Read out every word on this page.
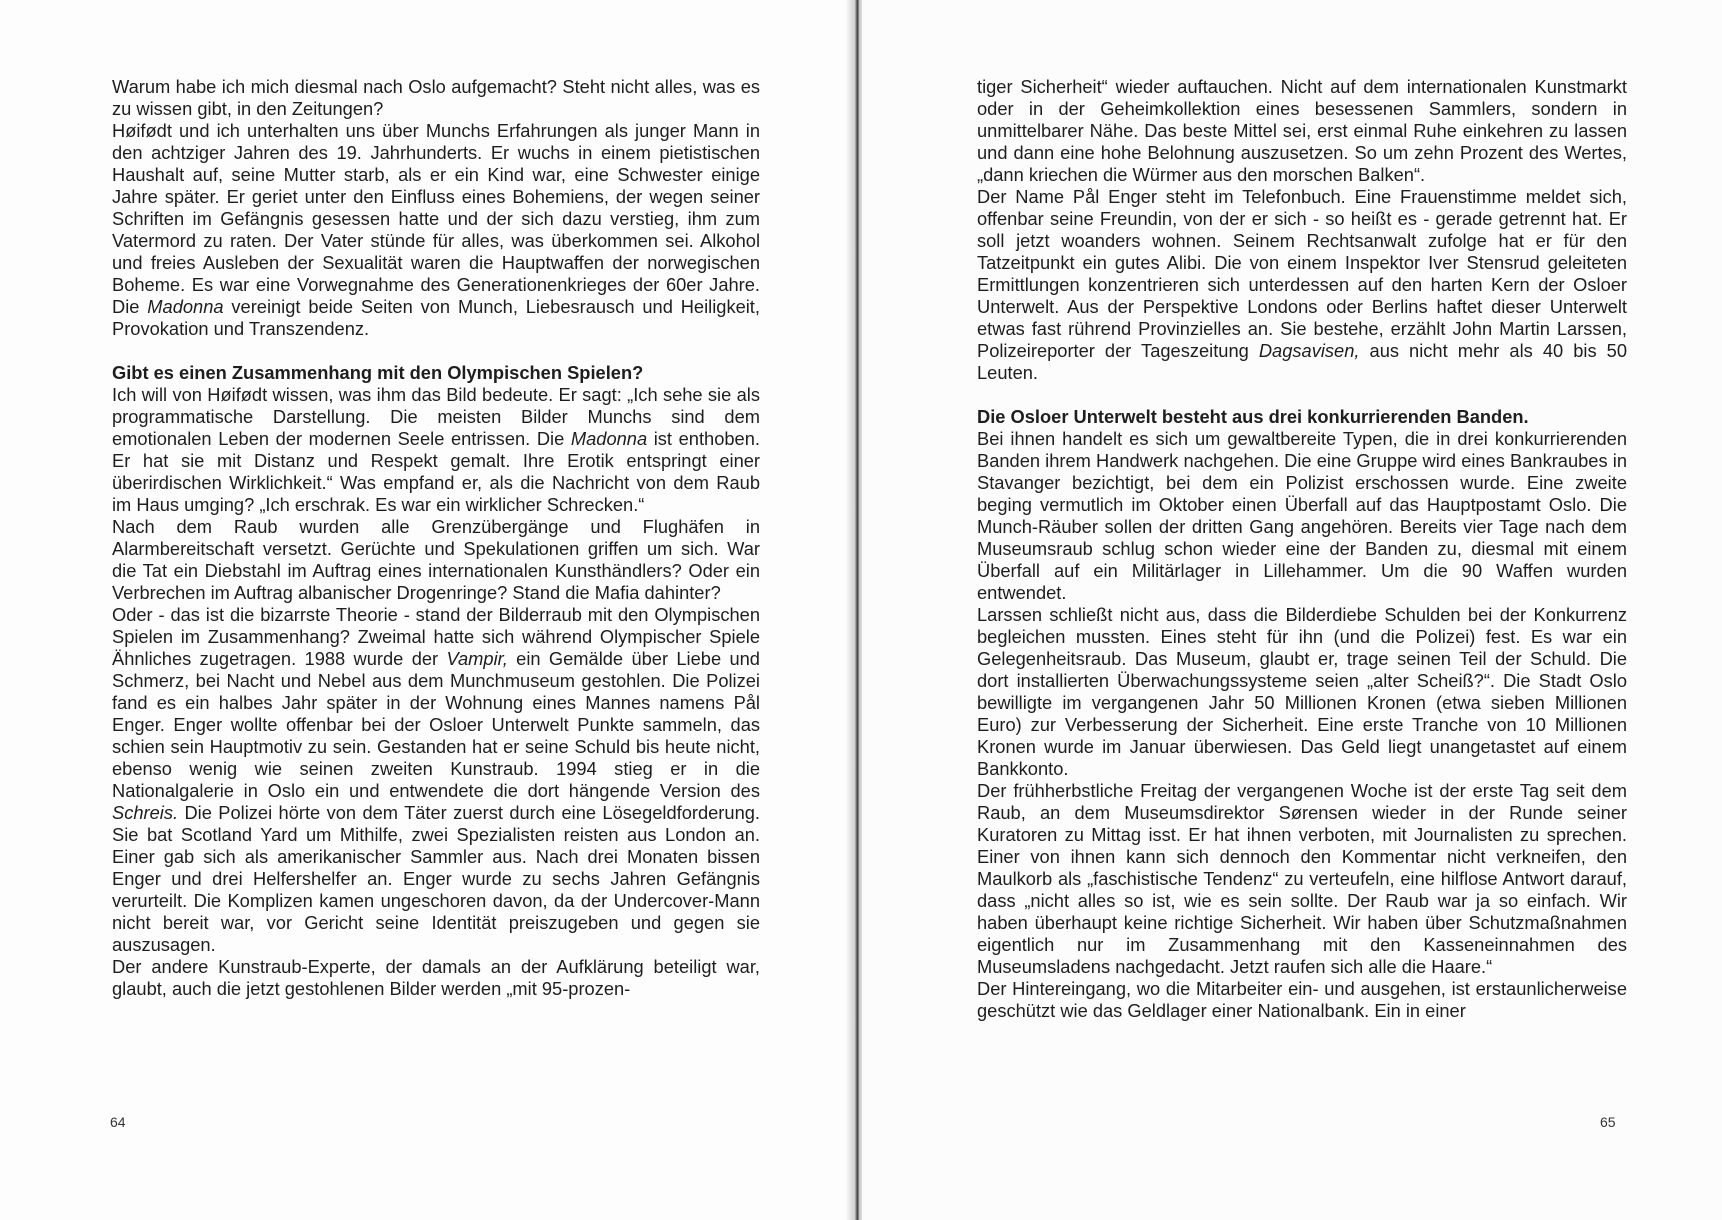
Warum habe ich mich diesmal nach Oslo aufgemacht? Steht nicht alles, was es zu wissen gibt, in den Zeitungen?

Høifødt und ich unterhalten uns über Munchs Erfahrungen als junger Mann in den achtziger Jahren des 19. Jahrhunderts. Er wuchs in einem pietistischen Haushalt auf, seine Mutter starb, als er ein Kind war, eine Schwester einige Jahre später. Er geriet unter den Einfluss eines Bohemiens, der wegen seiner Schriften im Gefängnis gesessen hatte und der sich dazu verstieg, ihm zum Vatermord zu raten. Der Vater stünde für alles, was überkommen sei. Alkohol und freies Ausleben der Sexualität waren die Hauptwaffen der norwegischen Boheme. Es war eine Vorwegnahme des Generationenkrieges der 60er Jahre. Die Madonna vereinigt beide Seiten von Munch, Liebesrausch und Heiligkeit, Provokation und Transzendenz.

Gibt es einen Zusammenhang mit den Olympischen Spielen?

Ich will von Høifødt wissen, was ihm das Bild bedeute. Er sagt: „Ich sehe sie als programmatische Darstellung. Die meisten Bilder Munchs sind dem emotionalen Leben der modernen Seele entrissen. Die Madonna ist enthoben. Er hat sie mit Distanz und Respekt gemalt. Ihre Erotik entspringt einer überirdischen Wirklichkeit.“ Was empfand er, als die Nachricht von dem Raub im Haus umging? „Ich erschrak. Es war ein wirklicher Schrecken.“

Nach dem Raub wurden alle Grenzübergänge und Flughäfen in Alarmbereitschaft versetzt. Gerüchte und Spekulationen griffen um sich. War die Tat ein Diebstahl im Auftrag eines internationalen Kunsthändlers? Oder ein Verbrechen im Auftrag albanischer Drogenringe? Stand die Mafia dahinter?

Oder - das ist die bizarrste Theorie - stand der Bilderraub mit den Olympischen Spielen im Zusammenhang? Zweimal hatte sich während Olympischer Spiele Ähnliches zugetragen. 1988 wurde der Vampir, ein Gemälde über Liebe und Schmerz, bei Nacht und Nebel aus dem Munchmuseum gestohlen. Die Polizei fand es ein halbes Jahr später in der Wohnung eines Mannes namens Pål Enger. Enger wollte offenbar bei der Osloer Unterwelt Punkte sammeln, das schien sein Hauptmotiv zu sein. Gestanden hat er seine Schuld bis heute nicht, ebenso wenig wie seinen zweiten Kunstraub. 1994 stieg er in die Nationalgalerie in Oslo ein und entwendete die dort hängende Version des Schreis. Die Polizei hörte von dem Täter zuerst durch eine Lösegeldforderung. Sie bat Scotland Yard um Mithilfe, zwei Spezialisten reisten aus London an. Einer gab sich als amerikanischer Sammler aus. Nach drei Monaten bissen Enger und drei Helfershelfer an. Enger wurde zu sechs Jahren Gefängnis verurteilt. Die Komplizen kamen ungeschoren davon, da der Undercover-Mann nicht bereit war, vor Gericht seine Identität preiszugeben und gegen sie auszusagen.

Der andere Kunstraub-Experte, der damals an der Aufklärung beteiligt war, glaubt, auch die jetzt gestohlenen Bilder werden „mit 95-prozen-

64

tiger Sicherheit“ wieder auftauchen. Nicht auf dem internationalen Kunstmarkt oder in der Geheimkollektion eines besessenen Sammlers, sondern in unmittelbarer Nähe. Das beste Mittel sei, erst einmal Ruhe einkehren zu lassen und dann eine hohe Belohnung auszusetzen. So um zehn Prozent des Wertes, „dann kriechen die Würmer aus den morschen Balken“.

Der Name Pål Enger steht im Telefonbuch. Eine Frauenstimme meldet sich, offenbar seine Freundin, von der er sich - so heißt es - gerade getrennt hat. Er soll jetzt woanders wohnen. Seinem Rechtsanwalt zufolge hat er für den Tatzeitpunkt ein gutes Alibi. Die von einem Inspektor Iver Stensrud geleiteten Ermittlungen konzentrieren sich unterdessen auf den harten Kern der Osloer Unterwelt. Aus der Perspektive Londons oder Berlins haftet dieser Unterwelt etwas fast rührend Provinzielles an. Sie bestehe, erzählt John Martin Larssen, Polizeireporter der Tageszeitung Dagsavisen, aus nicht mehr als 40 bis 50 Leuten.

Die Osloer Unterwelt besteht aus drei konkurrierenden Banden.

Bei ihnen handelt es sich um gewaltbereite Typen, die in drei konkurrierenden Banden ihrem Handwerk nachgehen. Die eine Gruppe wird eines Bankraubes in Stavanger bezichtigt, bei dem ein Polizist erschossen wurde. Eine zweite beging vermutlich im Oktober einen Überfall auf das Hauptpostamt Oslo. Die Munch-Räuber sollen der dritten Gang angehören. Bereits vier Tage nach dem Museumsraub schlug schon wieder eine der Banden zu, diesmal mit einem Überfall auf ein Militärlager in Lillehammer. Um die 90 Waffen wurden entwendet.

Larssen schließt nicht aus, dass die Bilderdiebe Schulden bei der Konkurrenz begleichen mussten. Eines steht für ihn (und die Polizei) fest. Es war ein Gelegenheitsraub. Das Museum, glaubt er, trage seinen Teil der Schuld. Die dort installierten Überwachungssysteme seien „alter Scheiß?“. Die Stadt Oslo bewilligte im vergangenen Jahr 50 Millionen Kronen (etwa sieben Millionen Euro) zur Verbesserung der Sicherheit. Eine erste Tranche von 10 Millionen Kronen wurde im Januar überwiesen. Das Geld liegt unangetastet auf einem Bankkonto.

Der frühherbstliche Freitag der vergangenen Woche ist der erste Tag seit dem Raub, an dem Museumsdirektor Sørensen wieder in der Runde seiner Kuratoren zu Mittag isst. Er hat ihnen verboten, mit Journalisten zu sprechen. Einer von ihnen kann sich dennoch den Kommentar nicht verkneifen, den Maulkorb als „faschistische Tendenz“ zu verteufeln, eine hilflose Antwort darauf, dass „nicht alles so ist, wie es sein sollte. Der Raub war ja so einfach. Wir haben überhaupt keine richtige Sicherheit. Wir haben über Schutzmaßnahmen eigentlich nur im Zusammenhang mit den Kasseneinnahmen des Museumsladens nachgedacht. Jetzt raufen sich alle die Haare.“

Der Hintereingang, wo die Mitarbeiter ein- und ausgehen, ist erstaunlicherweise geschützt wie das Geldlager einer Nationalbank. Ein in einer

65
